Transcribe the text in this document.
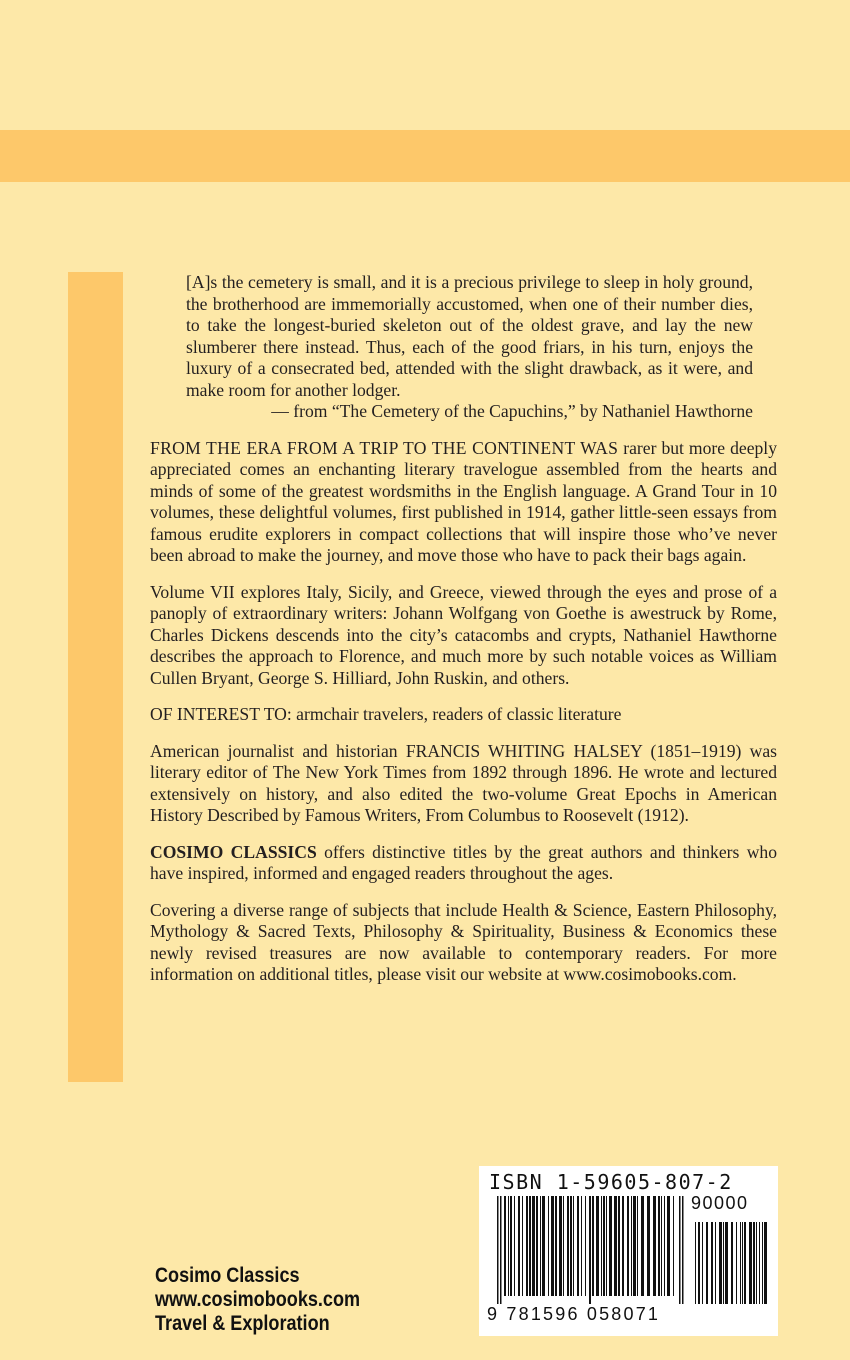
[A]s the cemetery is small, and it is a precious privilege to sleep in holy ground, the brotherhood are immemorially accustomed, when one of their number dies, to take the longest-buried skeleton out of the oldest grave, and lay the new slumberer there instead. Thus, each of the good friars, in his turn, enjoys the luxury of a consecrated bed, attended with the slight drawback, as it were, and make room for another lodger.

— from “The Cemetery of the Capuchins,” by Nathaniel Hawthorne

FROM THE ERA FROM A TRIP TO THE CONTINENT WAS rarer but more deeply appreciated comes an enchanting literary travelogue assembled from the hearts and minds of some of the greatest wordsmiths in the English language. A Grand Tour in 10 volumes, these delightful volumes, first published in 1914, gather little-seen essays from famous erudite explorers in compact collections that will inspire those who’ve never been abroad to make the journey, and move those who have to pack their bags again.

Volume VII explores Italy, Sicily, and Greece, viewed through the eyes and prose of a panoply of extraordinary writers: Johann Wolfgang von Goethe is awestruck by Rome, Charles Dickens descends into the city’s catacombs and crypts, Nathaniel Hawthorne describes the approach to Florence, and much more by such notable voices as William Cullen Bryant, George S. Hilliard, John Ruskin, and others.

OF INTEREST TO: armchair travelers, readers of classic literature

American journalist and historian FRANCIS WHITING HALSEY (1851–1919) was literary editor of The New York Times from 1892 through 1896. He wrote and lectured extensively on history, and also edited the two-volume Great Epochs in American History Described by Famous Writers, From Columbus to Roosevelt (1912).

COSIMO CLASSICS offers distinctive titles by the great authors and thinkers who have inspired, informed and engaged readers throughout the ages.

Covering a diverse range of subjects that include Health & Science, Eastern Philosophy, Mythology & Sacred Texts, Philosophy & Spirituality, Business & Economics these newly revised treasures are now available to contemporary readers. For more information on additional titles, please visit our website at www.cosimobooks.com.

Cosimo Classics
www.cosimobooks.com
Travel & Exploration
ISBN 1-59605-807-2
90000
9 781596 058071
